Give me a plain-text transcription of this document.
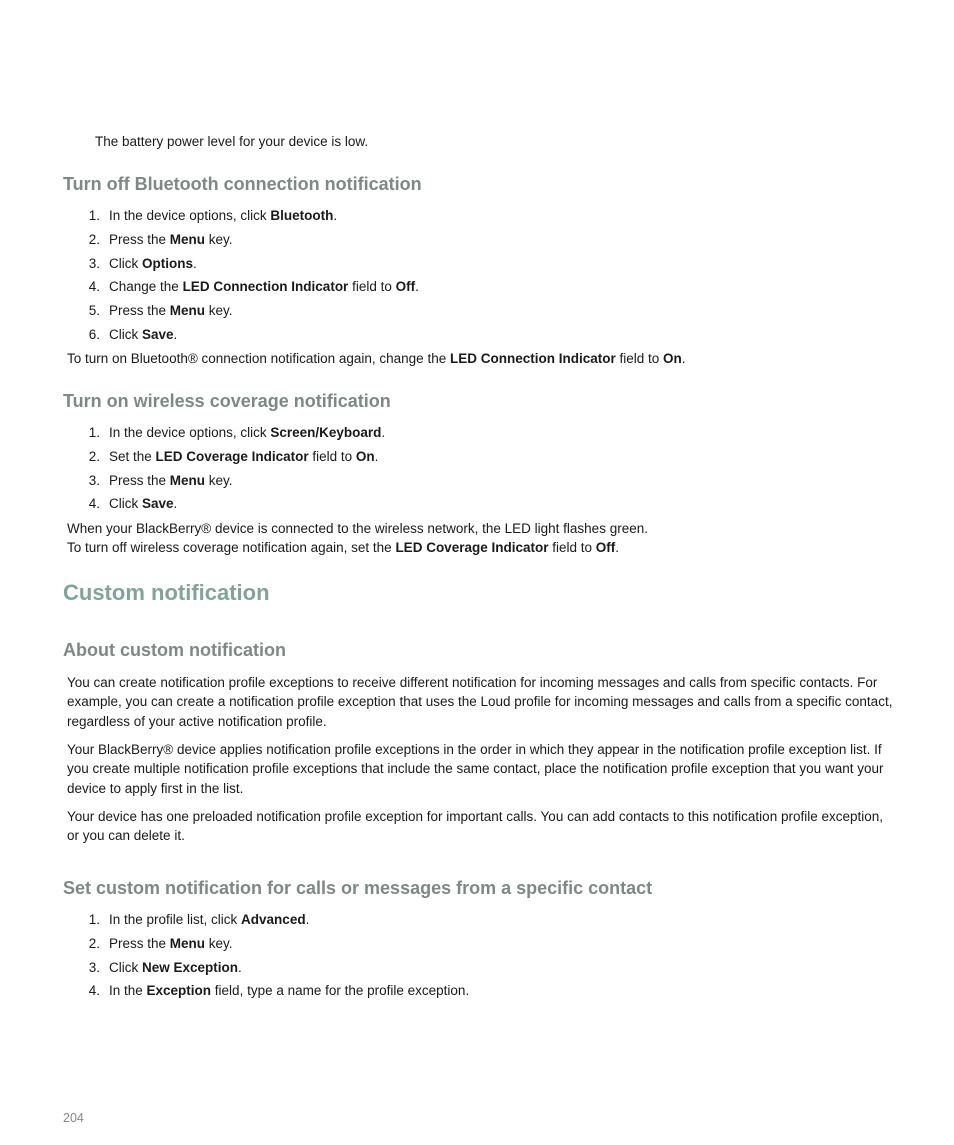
The battery power level for your device is low.
Turn off Bluetooth connection notification
1. In the device options, click Bluetooth.
2. Press the Menu key.
3. Click Options.
4. Change the LED Connection Indicator field to Off.
5. Press the Menu key.
6. Click Save.
To turn on Bluetooth® connection notification again, change the LED Connection Indicator field to On.
Turn on wireless coverage notification
1. In the device options, click Screen/Keyboard.
2. Set the LED Coverage Indicator field to On.
3. Press the Menu key.
4. Click Save.
When your BlackBerry® device is connected to the wireless network, the LED light flashes green.
To turn off wireless coverage notification again, set the LED Coverage Indicator field to Off.
Custom notification
About custom notification
You can create notification profile exceptions to receive different notification for incoming messages and calls from specific contacts. For example, you can create a notification profile exception that uses the Loud profile for incoming messages and calls from a specific contact, regardless of your active notification profile.
Your BlackBerry® device applies notification profile exceptions in the order in which they appear in the notification profile exception list. If you create multiple notification profile exceptions that include the same contact, place the notification profile exception that you want your device to apply first in the list.
Your device has one preloaded notification profile exception for important calls. You can add contacts to this notification profile exception, or you can delete it.
Set custom notification for calls or messages from a specific contact
1. In the profile list, click Advanced.
2. Press the Menu key.
3. Click New Exception.
4. In the Exception field, type a name for the profile exception.
204
